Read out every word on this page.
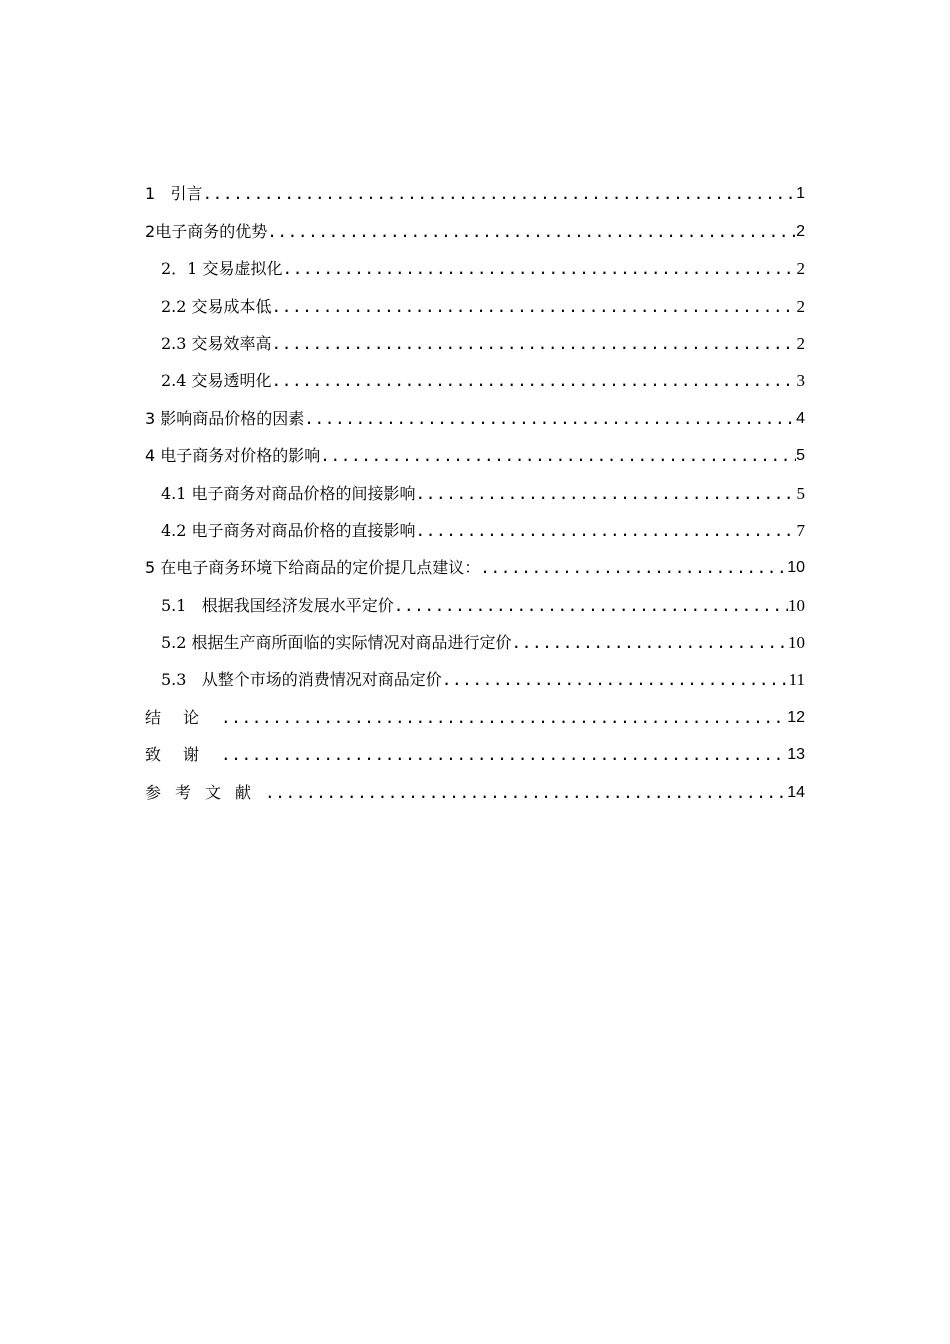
1 引言 .....	1
2 电子商务的优势 .....	2
2．1 交易虚拟化 .....	2
2.2 交易成本低 .....	2
2.3 交易效率高 .....	2
2.4 交易透明化 .....	3
3 影响商品价格的因素 .....	4
4 电子商务对价格的影响 .....	5
4.1 电子商务对商品价格的间接影响 .....	5
4.2 电子商务对商品价格的直接影响 .....	7
5 在电子商务环境下给商品的定价提几点建议： .....	10
5.1 根据我国经济发展水平定价 .....	10
5.2 根据生产商所面临的实际情况对商品进行定价 .....	10
5.3 从整个市场的消费情况对商品定价 .....	11
结论 .....	12
致谢 .....	13
参考文献 .....	14
